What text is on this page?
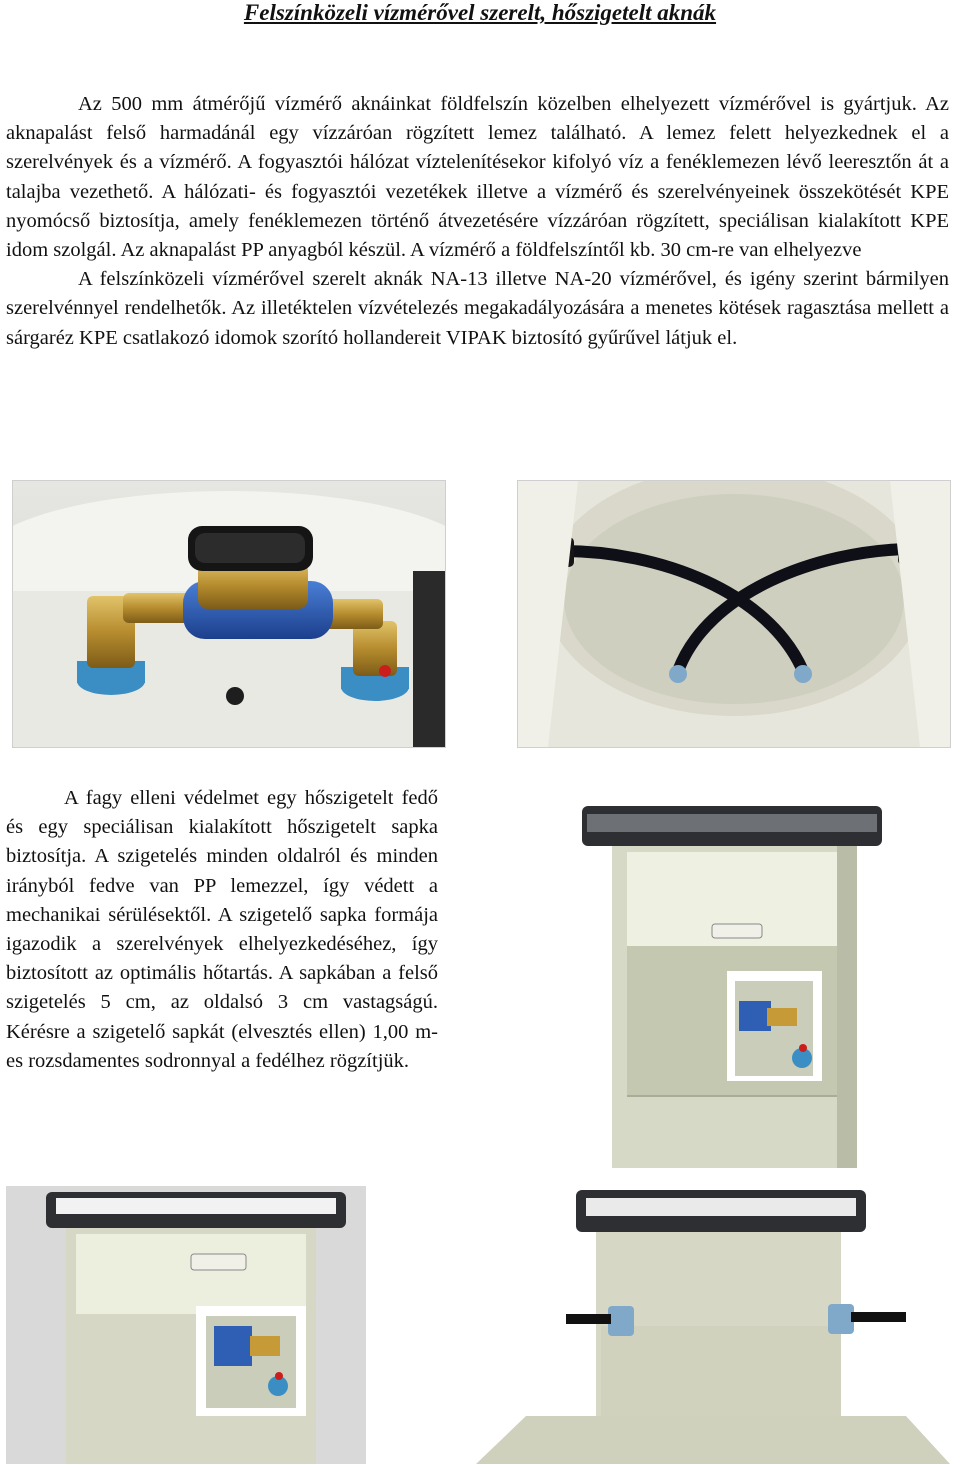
Felszínközeli vízmérővel szerelt, hőszigetelt aknák

Az 500 mm átmérőjű vízmérő aknáinkat földfelszín közelben elhelyezett vízmérővel is gyártjuk. Az aknapalást felső harmadánál egy vízzáróan rögzített lemez található. A lemez felett helyezkednek el a szerelvények és a vízmérő. A fogyasztói hálózat víztelenítésekor kifolyó víz a fenéklemezen lévő leeresztőn át a talajba vezethető. A hálózati- és fogyasztói vezetékek illetve a vízmérő és szerelvényeinek összekötését KPE nyomócső biztosítja, amely fenéklemezen történő átvezetésére vízzáróan rögzített, speciálisan kialakított KPE idom szolgál. Az aknapalást PP anyagból készül. A vízmérő a földfelszíntől kb. 30 cm-re van elhelyezve

A felszínközeli vízmérővel szerelt aknák NA-13 illetve NA-20 vízmérővel, és igény szerint bármilyen szerelvénnyel rendelhetők. Az illetéktelen vízvételezés megakadályozására a menetes kötések ragasztása mellett a sárgaréz KPE csatlakozó idomok szorító hollandereit VIPAK biztosító gyűrűvel látjuk el.

A fagy elleni védelmet egy hőszigetelt fedő és egy speciálisan kialakított hőszigetelt sapka biztosítja. A szigetelés minden oldalról és minden irányból fedve van PP lemezzel, így védett a mechanikai sérülésektől. A szigetelő sapka formája igazodik a szerelvények elhelyezkedéséhez, így biztosított az optimális hőtartás. A sapkában a felső szigetelés 5 cm, az oldalsó 3 cm vastagságú. Kérésre a szigetelő sapkát (elvesztés ellen) 1,00 m-es rozsdamentes sodronnyal a fedélhez rögzítjük.
